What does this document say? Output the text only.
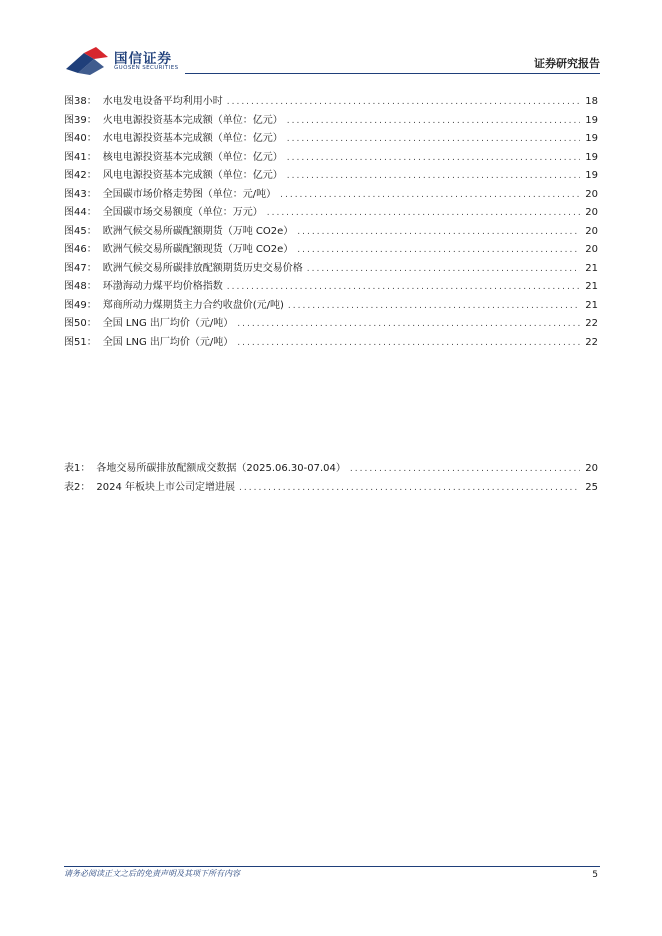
国信证券
GUOSEN SECURITIES	证券研究报告
图38： 水电发电设备平均利用小时 .....	18
图39： 火电电源投资基本完成额（单位：亿元） .....	19
图40： 水电电源投资基本完成额（单位：亿元） .....	19
图41： 核电电源投资基本完成额（单位：亿元） .....	19
图42： 风电电源投资基本完成额（单位：亿元） .....	19
图43： 全国碳市场价格走势图（单位：元/吨） .....	20
图44： 全国碳市场交易额度（单位：万元） .....	20
图45： 欧洲气候交易所碳配额期货（万吨 CO2e） .....	20
图46： 欧洲气候交易所碳配额现货（万吨 CO2e） .....	20
图47： 欧洲气候交易所碳排放配额期货历史交易价格 .....	21
图48： 环渤海动力煤平均价格指数 .....	21
图49： 郑商所动力煤期货主力合约收盘价(元/吨) .....	21
图50： 全国 LNG 出厂均价（元/吨） .....	22
图51： 全国 LNG 出厂均价（元/吨） .....	22
表1： 各地交易所碳排放配额成交数据（2025.06.30-07.04） .....	20
表2： 2024 年板块上市公司定增进展 .....	25
请务必阅读正文之后的免责声明及其项下所有内容	5
